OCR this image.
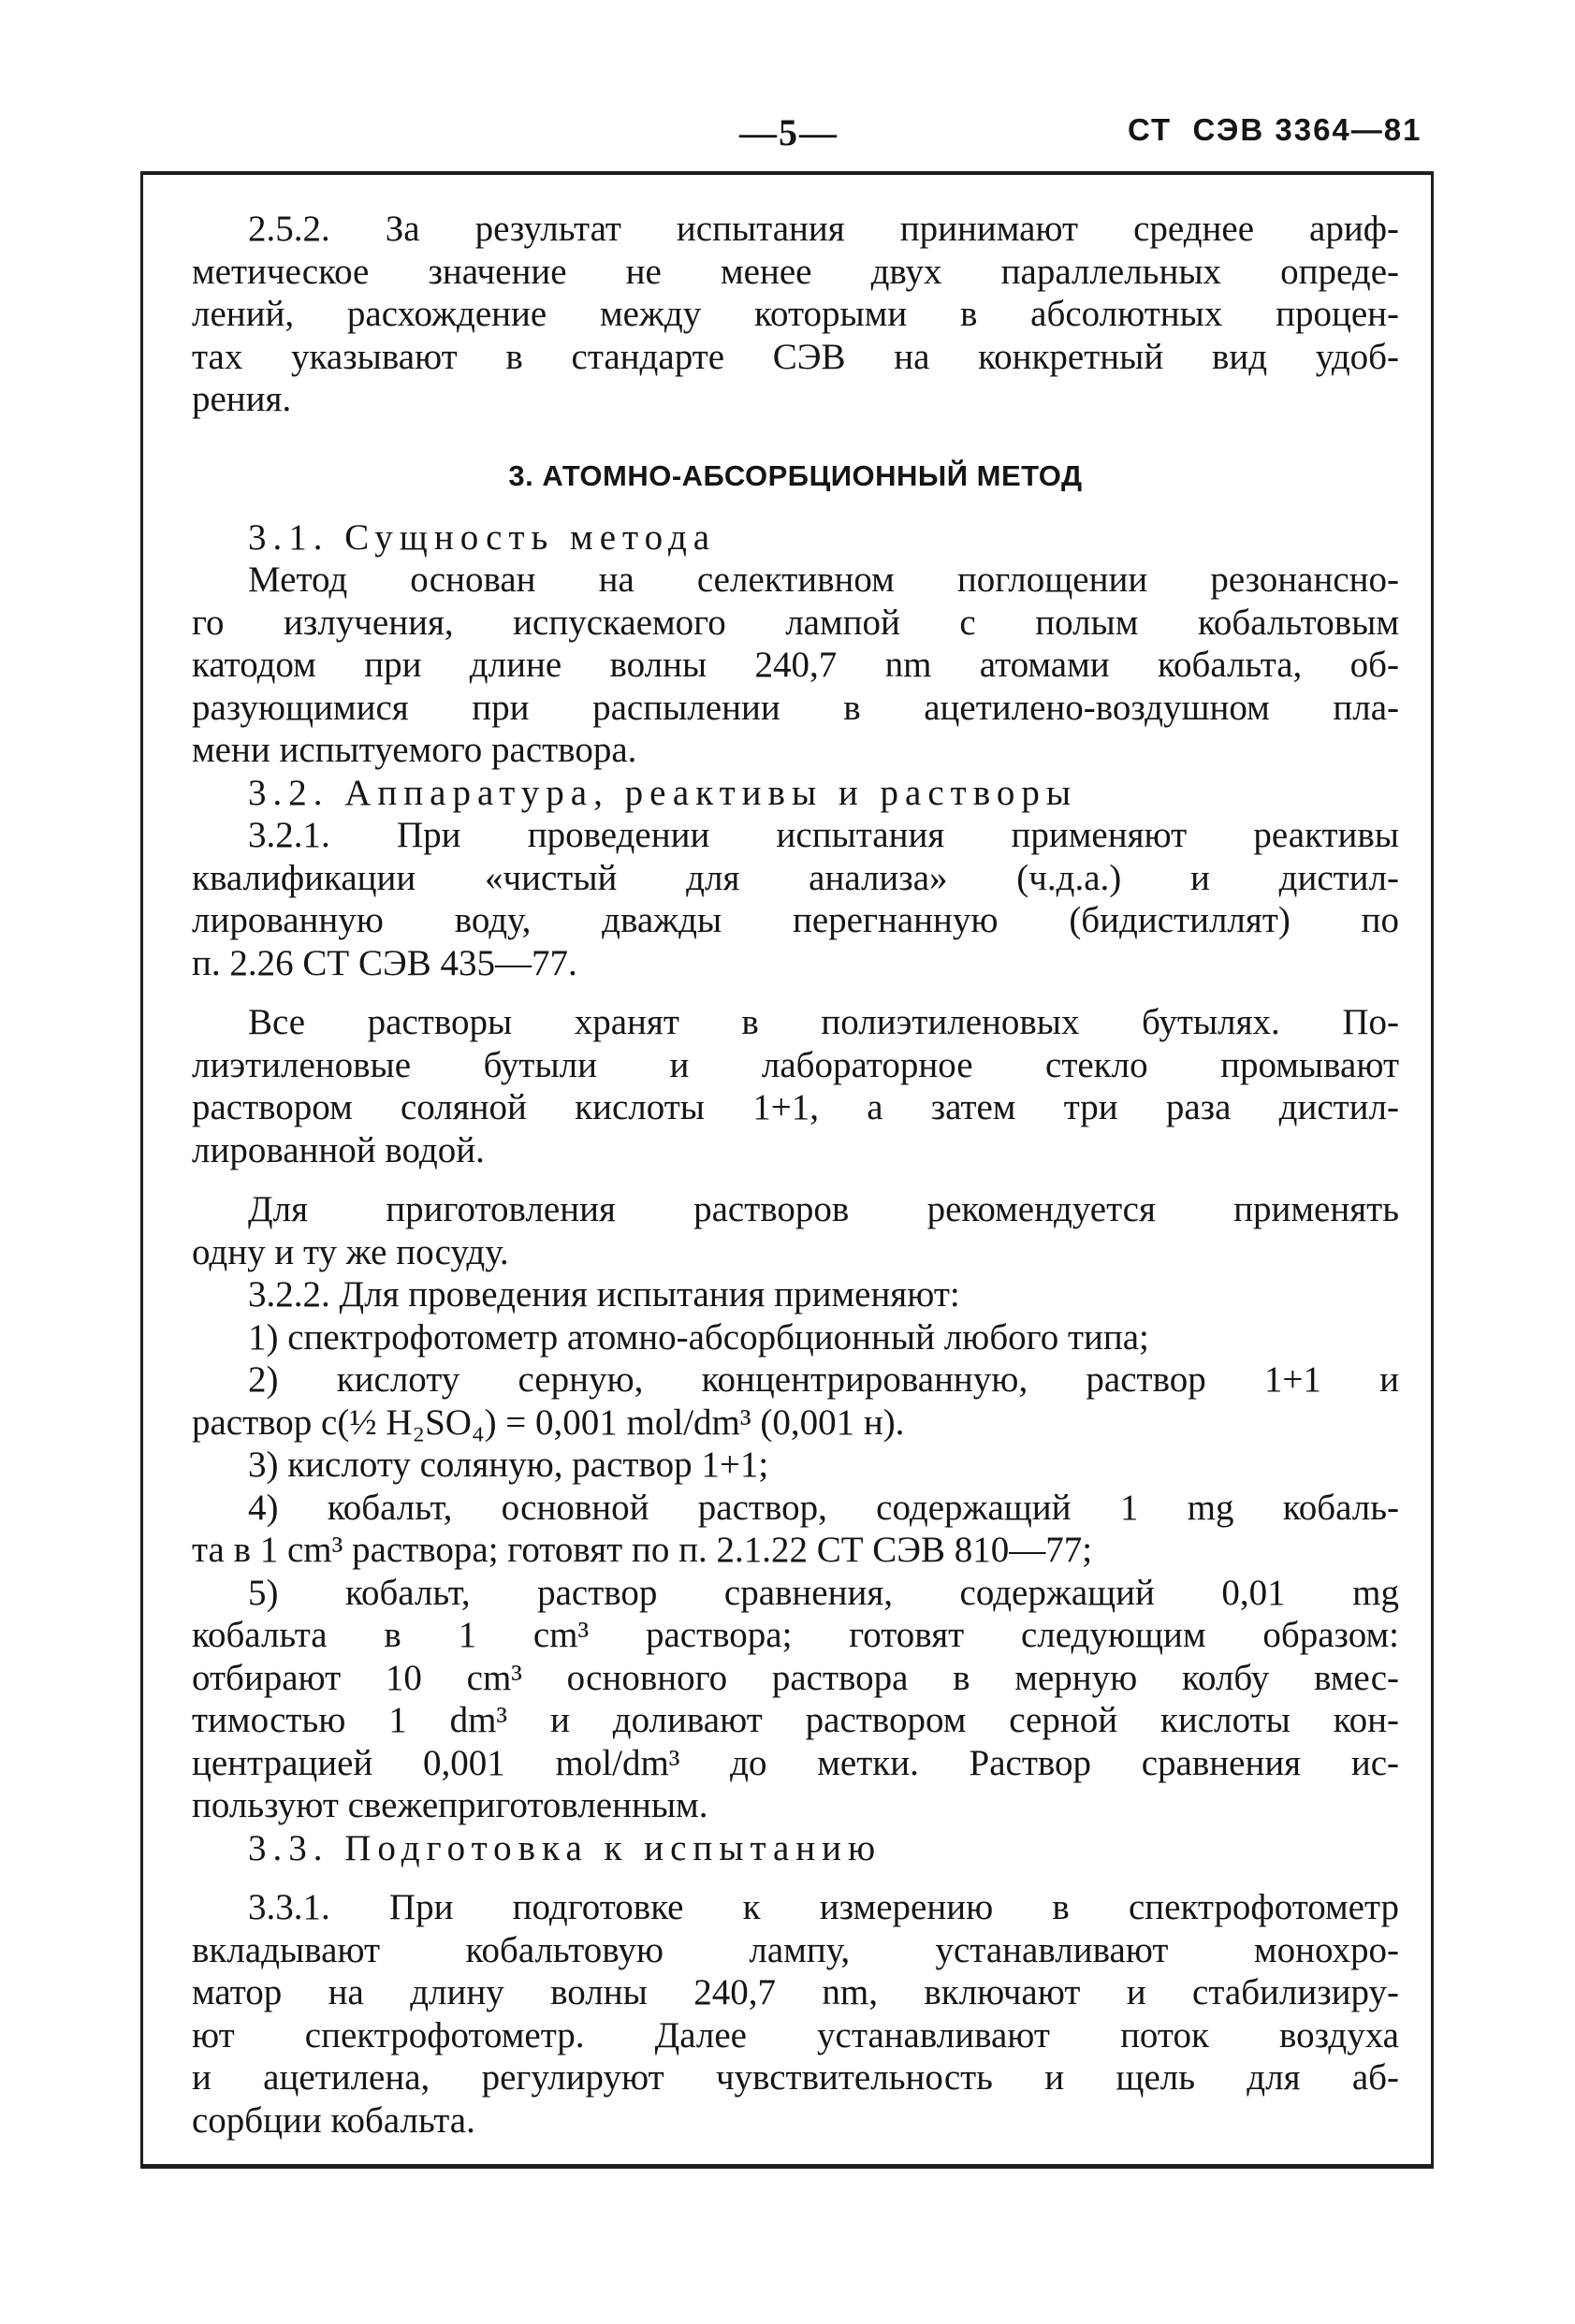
—5—	СТ  СЭВ 3364—81
2.5.2. За результат испытания принимают среднее ариф-
метическое значение не менее двух параллельных опреде-
лений, расхождение между которыми в абсолютных процен-
тах указывают в стандарте СЭВ на конкретный вид удоб-
рения.
3. АТОМНО-АБСОРБЦИОННЫЙ МЕТОД
3.1. Сущность метода
Метод основан на селективном поглощении резонансно-
го излучения, испускаемого лампой с полым кобальтовым
катодом при длине волны 240,7 nm атомами кобальта, об-
разующимися при распылении в ацетилено-воздушном пла-
мени испытуемого раствора.
3.2. Аппаратура, реактивы и растворы
3.2.1. При проведении испытания применяют реактивы
квалификации «чистый для анализа» (ч.д.а.) и дистил-
лированную воду, дважды перегнанную (бидистиллят) по
п. 2.26 СТ СЭВ 435—77.
Все растворы хранят в полиэтиленовых бутылях. По-
лиэтиленовые бутыли и лабораторное стекло промывают
раствором соляной кислоты 1+1, а затем три раза дистил-
лированной водой.
Для приготовления растворов рекомендуется применять
одну и ту же посуду.
3.2.2. Для проведения испытания применяют:
1) спектрофотометр атомно-абсорбционный любого типа;
2) кислоту серную, концентрированную, раствор 1+1 и
раствор c(½ H₂SO₄) = 0,001 mol/dm³ (0,001 н).
3) кислоту соляную, раствор 1+1;
4) кобальт, основной раствор, содержащий 1 mg кобаль-
та в 1 cm³ раствора; готовят по п. 2.1.22 СТ СЭВ 810—77;
5) кобальт, раствор сравнения, содержащий 0,01 mg
кобальта в 1 cm³ раствора; готовят следующим образом:
отбирают 10 cm³ основного раствора в мерную колбу вмес-
тимостью 1 dm³ и доливают раствором серной кислоты кон-
центрацией 0,001 mol/dm³ до метки. Раствор сравнения ис-
пользуют свежеприготовленным.
3.3. Подготовка к испытанию
3.3.1. При подготовке к измерению в спектрофотометр
вкладывают кобальтовую лампу, устанавливают монохро-
матор на длину волны 240,7 nm, включают и стабилизиру-
ют спектрофотометр. Далее устанавливают поток воздуха
и ацетилена, регулируют чувствительность и щель для аб-
сорбции кобальта.
